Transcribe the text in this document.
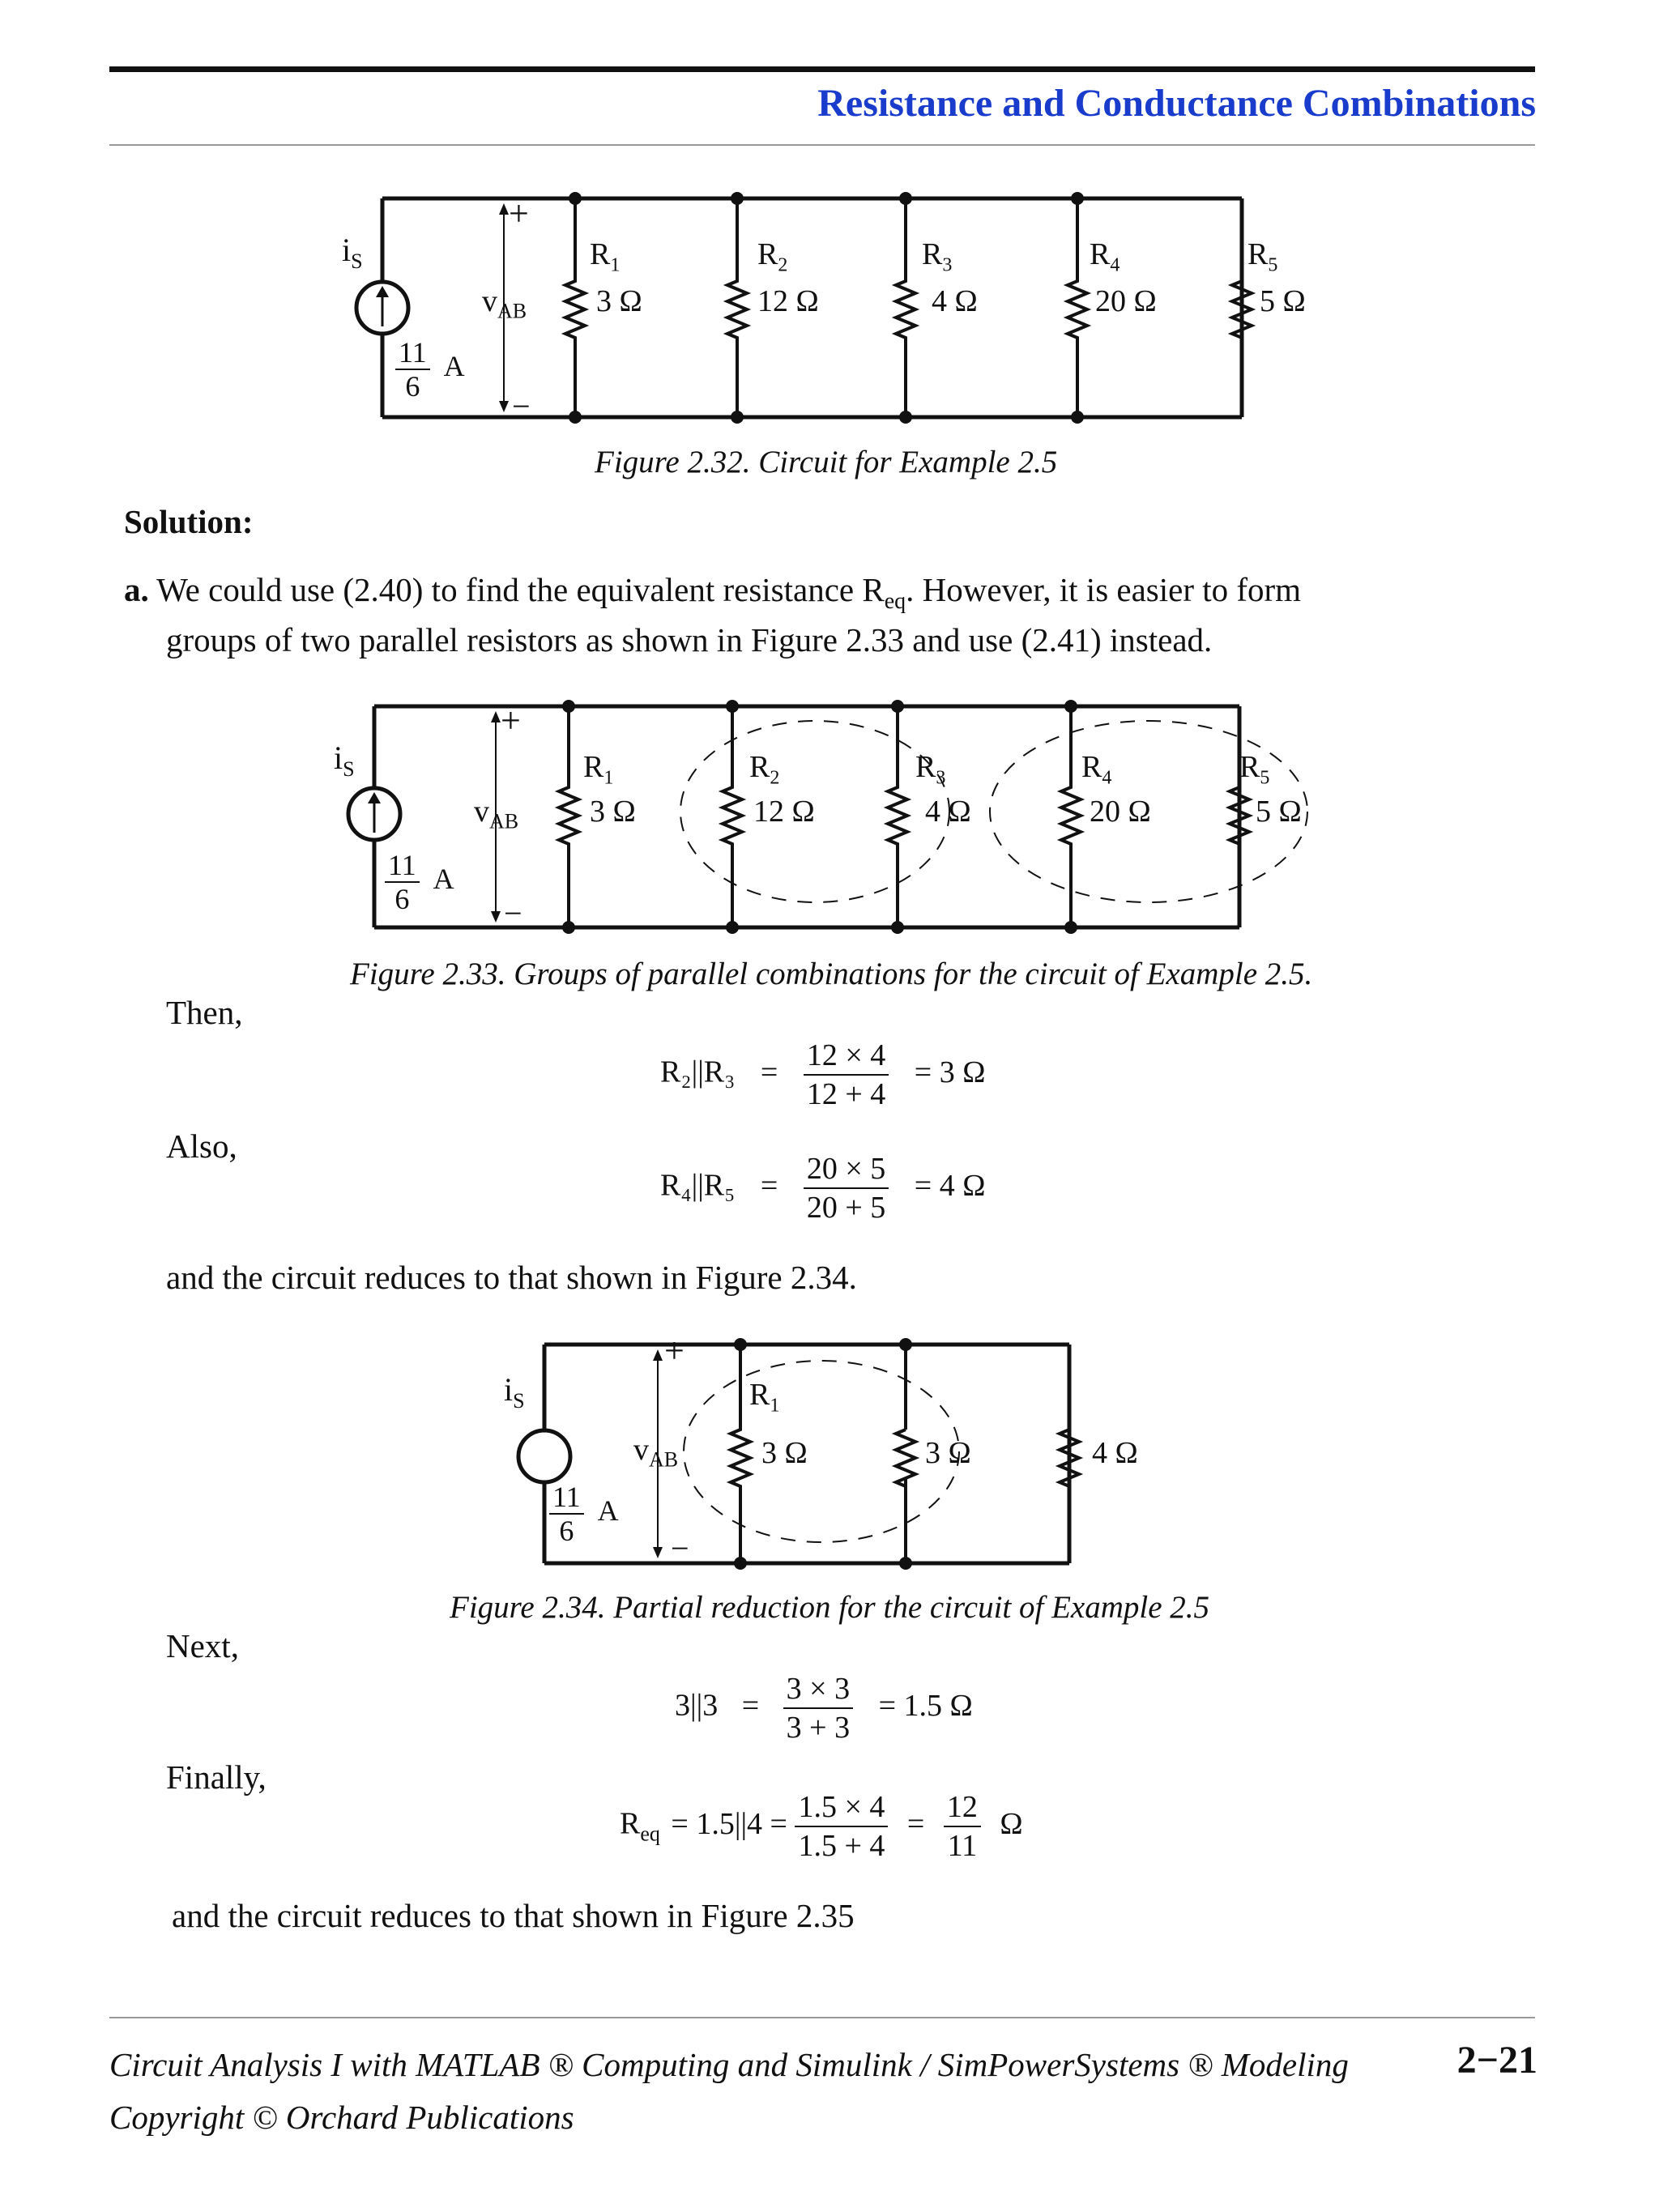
Resistance and Conductance Combinations
$i_S$
$\frac{11}{6}$ A
+
−
$v_{AB}$
$R_1$
3 Ω
$R_2$
12 Ω
$R_3$
4 Ω
$R_4$
20 Ω
$R_5$
5 Ω
Figure 2.32. Circuit for Example 2.5
Solution:
a. We could use (2.40) to find the equivalent resistance $R_{eq}$. However, it is easier to form
groups of two parallel resistors as shown in Figure 2.33 and use (2.41) instead.
$i_S$
$\frac{11}{6}$ A
+
−
$v_{AB}$
$R_1$
3 Ω
$R_2$
12 Ω
$R_3$
4 Ω
$R_4$
20 Ω
$R_5$
5 Ω
Figure 2.33. Groups of parallel combinations for the circuit of Example 2.5.
Then,
$R_2||R_3 = \frac{12 \times 4}{12 + 4} = 3$ Ω
Also,
$R_4||R_5 = \frac{20 \times 5}{20 + 5} = 4$ Ω
and the circuit reduces to that shown in Figure 2.34.
$i_S$
$\frac{11}{6}$ A
+
−
$v_{AB}$
$R_1$
3 Ω	3 Ω	4 Ω
Figure 2.34. Partial reduction for the circuit of Example 2.5
Next,
$3||3 = \frac{3 \times 3}{3 + 3} = 1.5$ Ω
Finally,
$R_{eq} = 1.5||4 = \frac{1.5 \times 4}{1.5 + 4} = \frac{12}{11}$ Ω
and the circuit reduces to that shown in Figure 2.35
Circuit Analysis I with MATLAB ® Computing and Simulink / SimPowerSystems ® Modeling	2−21
Copyright © Orchard Publications
